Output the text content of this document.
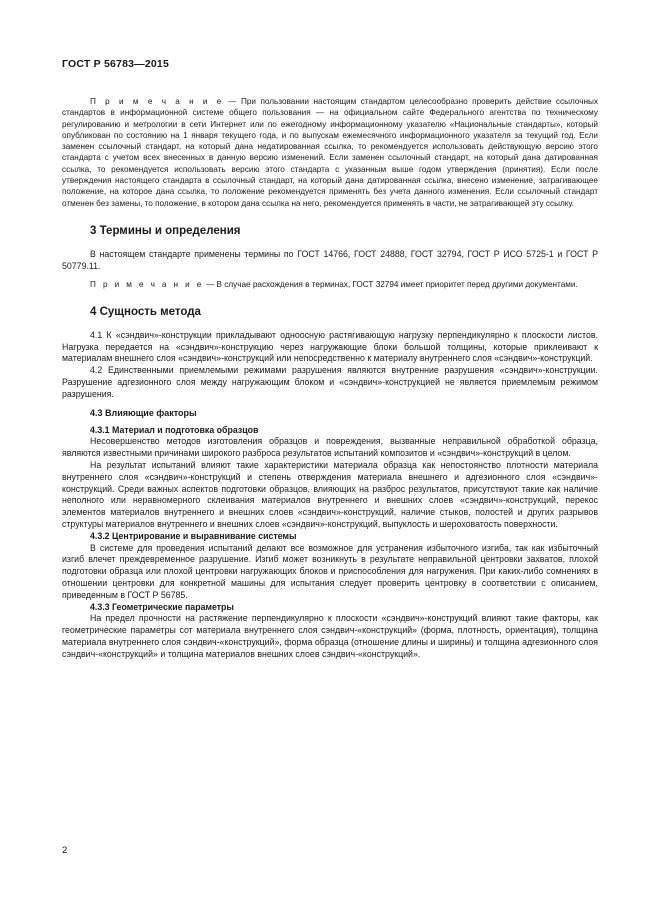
ГОСТ Р 56783—2015

П р и м е ч а н и е — При пользовании настоящим стандартом целесообразно проверить действие ссылочных стандартов в информационной системе общего пользования — на официальном сайте Федерального агентства по техническому регулированию и метрологии в сети Интернет или по ежегодному информационному указателю «Национальные стандарты», который опубликован по состоянию на 1 января текущего года, и по выпускам ежемесячного информационного указателя за текущий год. Если заменен ссылочный стандарт, на который дана недатированная ссылка, то рекомендуется использовать действующую версию этого стандарта с учетом всех внесенных в данную версию изменений. Если заменен ссылочный стандарт, на который дана датированная ссылка, то рекомендуется использовать версию этого стандарта с указанным выше годом утверждения (принятия). Если после утверждения настоящего стандарта в ссылочный стандарт, на который дана датированная ссылка, внесено изменение, затрагивающее положение, на которое дана ссылка, то положение рекомендуется применять без учета данного изменения. Если ссылочный стандарт отменен без замены, то положение, в котором дана ссылка на него, рекомендуется применять в части, не затрагивающей эту ссылку.

3 Термины и определения

В настоящем стандарте применены термины по ГОСТ 14766, ГОСТ 24888, ГОСТ 32794, ГОСТ Р ИСО 5725-1 и ГОСТ Р 50779.11.

П р и м е ч а н и е — В случае расхождения в терминах, ГОСТ 32794 имеет приоритет перед другими документами.

4 Сущность метода

4.1 К «сэндвич»-конструкции прикладывают одноосную растягивающую нагрузку перпендикулярно к плоскости листов. Нагрузка передается на «сэндвич»-конструкцию через нагружающие блоки большой толщины, которые приклеивают к материалам внешнего слоя «сэндвич»-конструкций или непосредственно к материалу внутреннего слоя «сэндвич»-конструкций.

4.2 Единственными приемлемыми режимами разрушения являются внутренние разрушения «сэндвич»-конструкции. Разрушение адгезионного слоя между нагружающим блоком и «сэндвич»-конструкцией не является приемлемым режимом разрушения.

4.3 Влияющие факторы
4.3.1 Материал и подготовка образцов

Несовершенство методов изготовления образцов и повреждения, вызванные неправильной обработкой образца, являются известными причинами широкого разброса результатов испытаний композитов и «сэндвич»-конструкций в целом.

На результат испытаний влияют такие характеристики материала образца как непостоянство плотности материала внутреннего слоя «сэндвич»-конструкций и степень отверждения материала внешнего и адгезионного слоя «сэндвич»-конструкций. Среди важных аспектов подготовки образцов, влияющих на разброс результатов, присутствуют такие как наличие неполного или неравномерного склеивания материалов внутреннего и внешних слоев «сэндвич»-конструкций, перекос элементов материалов внутреннего и внешних слоев «сэндвич»-конструкций, наличие стыков, полостей и других разрывов структуры материалов внутреннего и внешних слоев «сэндвич»-конструкций, выпуклость и шероховатость поверхности.

4.3.2 Центрирование и выравнивание системы

В системе для проведения испытаний делают все возможное для устранения избыточного изгиба, так как избыточный изгиб влечет преждевременное разрушение. Изгиб может возникнуть в результате неправильной центровки захватов, плохой подготовки образца или плохой центровки нагружающих блоков и приспособления для нагружения. При каких-либо сомнениях в отношении центровки для конкретной машины для испытания следует проверить центровку в соответствии с описанием, приведенным в ГОСТ Р 56785.

4.3.3 Геометрические параметры

На предел прочности на растяжение перпендикулярно к плоскости «сэндвич»-конструкций влияют такие факторы, как геометрические параметры сот материала внутреннего слоя сэндвич-«конструкций» (форма, плотность, ориентация), толщина материала внутреннего слоя сэндвич-«конструкций», форма образца (отношение длины и ширины) и толщина адгезионного слоя сэндвич-«конструкций» и толщина материалов внешних слоев сэндвич-«конструкций».

2
